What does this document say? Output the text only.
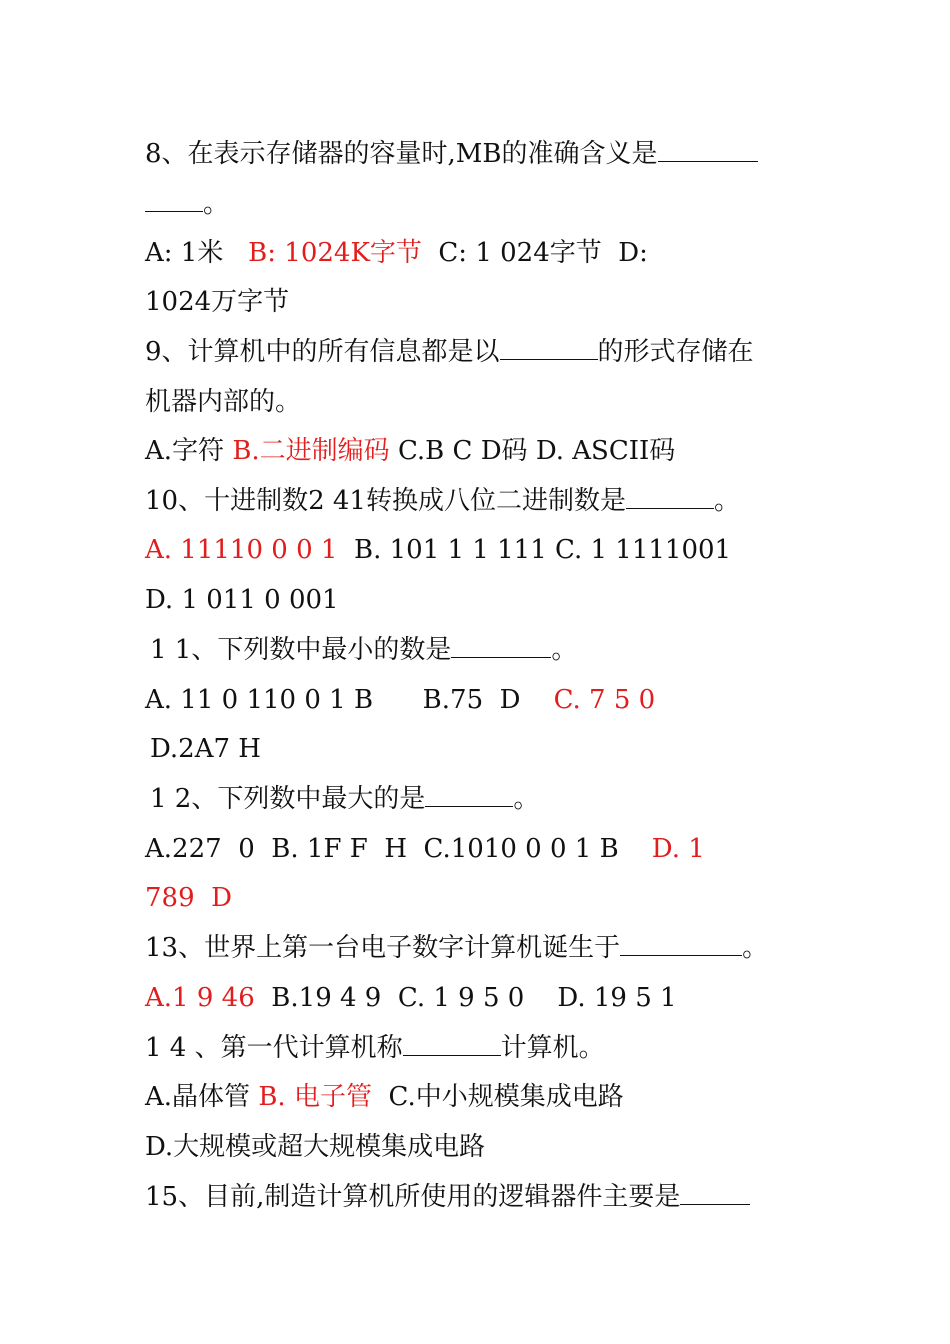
8、在表示存储器的容量时,MB的准确含义是
。
A: 1米 B: 1024K字节 C: 1 024字节 D:
1024万字节
9、计算机中的所有信息都是以	的形式存储在
机器内部的。
A.字符 B.二进制编码 C.B C D码 D. ASCII码
10、十进制数2 41转换成八位二进制数是	。
A. 11110 0 0 1 B. 101 1 1 111 C. 1 1111001
D. 1 011 0 001
1 1、下列数中最小的数是	。
A. 11 0 110 0 1 B      B.75  D C. 7 5 0
D.2A7 H
1 2、下列数中最大的是	。
A.227  0  B. 1F F  H  C.1010 0 0 1 B D. 1
789  D
13、世界上第一台电子数字计算机诞生于	。
A.1 9 46 B.19 4 9  C. 1 9 5 0    D. 19 5 1
1 4 、第一代计算机称	计算机。
A.晶体管 B. 电子管 C.中小规模集成电路
D.大规模或超大规模集成电路
15、目前,制造计算机所使用的逻辑器件主要是
